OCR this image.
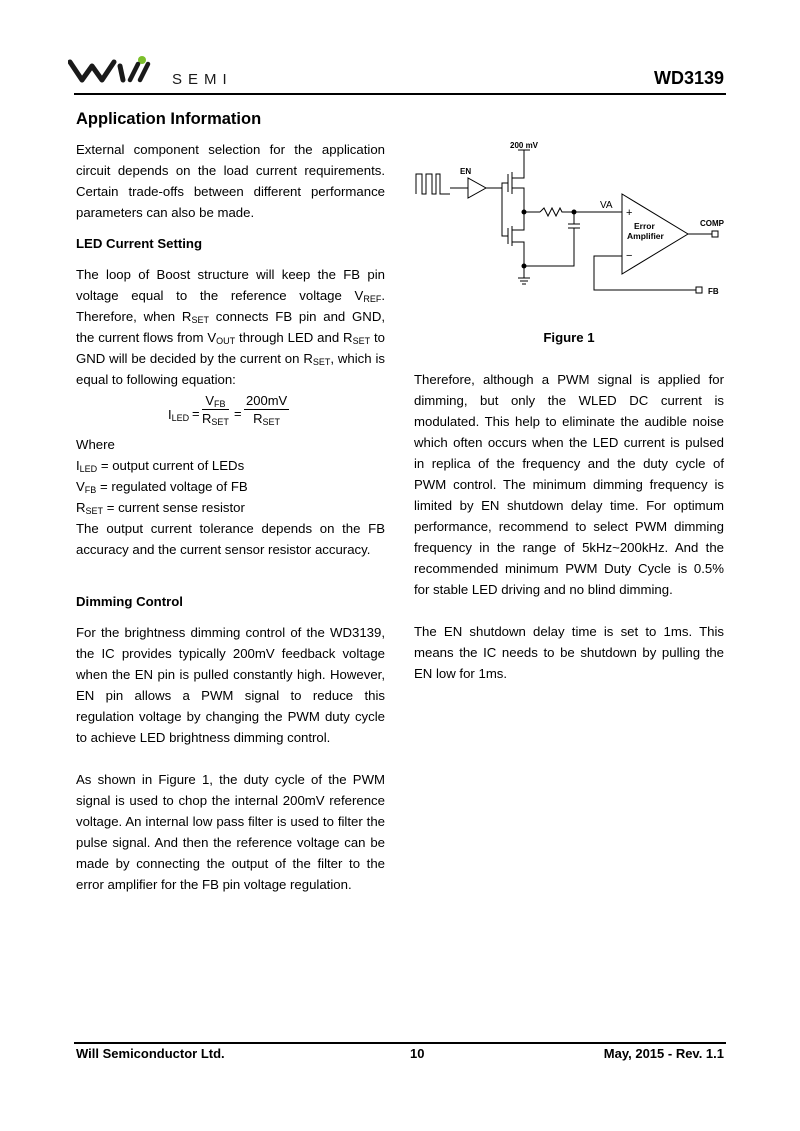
SEMI	WD3139
Application Information

External component selection for the application circuit depends on the load current requirements. Certain trade-offs between different performance parameters can also be made.

LED Current Setting

The loop of Boost structure will keep the FB pin voltage equal to the reference voltage $V_{REF}$. Therefore, when $R_{SET}$ connects FB pin and GND, the current flows from $V_{OUT}$ through LED and $R_{SET}$ to GND will be decided by the current on $R_{SET}$, which is equal to following equation:

$I_{LED}$ =
$V_{FB}$
$R_{SET}$
=
200mV
$R_{SET}$

Where

$I_{LED}$ = output current of LEDs

$V_{FB}$ = regulated voltage of FB

$R_{SET}$ = current sense resistor

The output current tolerance depends on the FB accuracy and the current sensor resistor accuracy.

Dimming Control

For the brightness dimming control of the WD3139, the IC provides typically 200mV feedback voltage when the EN pin is pulled constantly high. However, EN pin allows a PWM signal to reduce this regulation voltage by changing the PWM duty cycle to achieve LED brightness dimming control.

As shown in Figure 1, the duty cycle of the PWM signal is used to chop the internal 200mV reference voltage. An internal low pass filter is used to filter the pulse signal. And then the reference voltage can be made by connecting the output of the filter to the error amplifier for the FB pin voltage regulation.

200 mV
EN
VA
+
−
Error
Amplifier
COMP
FB
Figure 1

Therefore, although a PWM signal is applied for dimming, but only the WLED DC current is modulated. This help to eliminate the audible noise which often occurs when the LED current is pulsed in replica of the frequency and the duty cycle of PWM control. The minimum dimming frequency is limited by EN shutdown delay time. For optimum performance, recommend to select PWM dimming frequency in the range of 5kHz~200kHz. And the recommended minimum PWM Duty Cycle is 0.5% for stable LED driving and no blind dimming.

The EN shutdown delay time is set to 1ms. This means the IC needs to be shutdown by pulling the EN low for 1ms.

Will Semiconductor Ltd.	10	May, 2015 - Rev. 1.1
